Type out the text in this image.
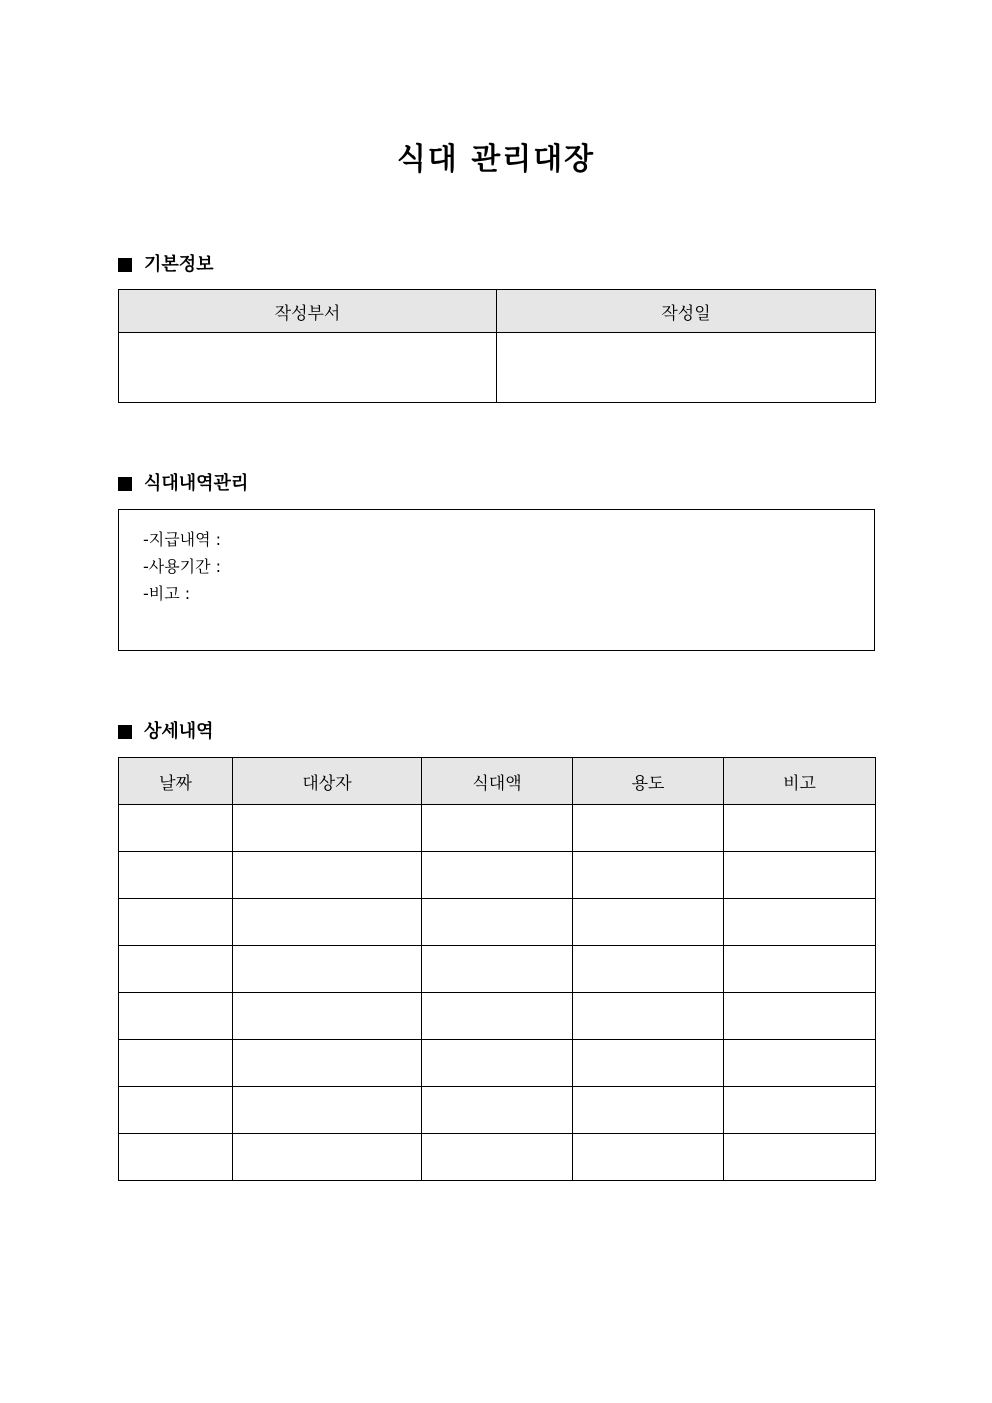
식대 관리대장
기본정보
작성부서	작성일

식대내역관리
-지급내역 :
-사용기간 :
-비고 :
상세내역
날짜	대상자	식대액	용도	비고
